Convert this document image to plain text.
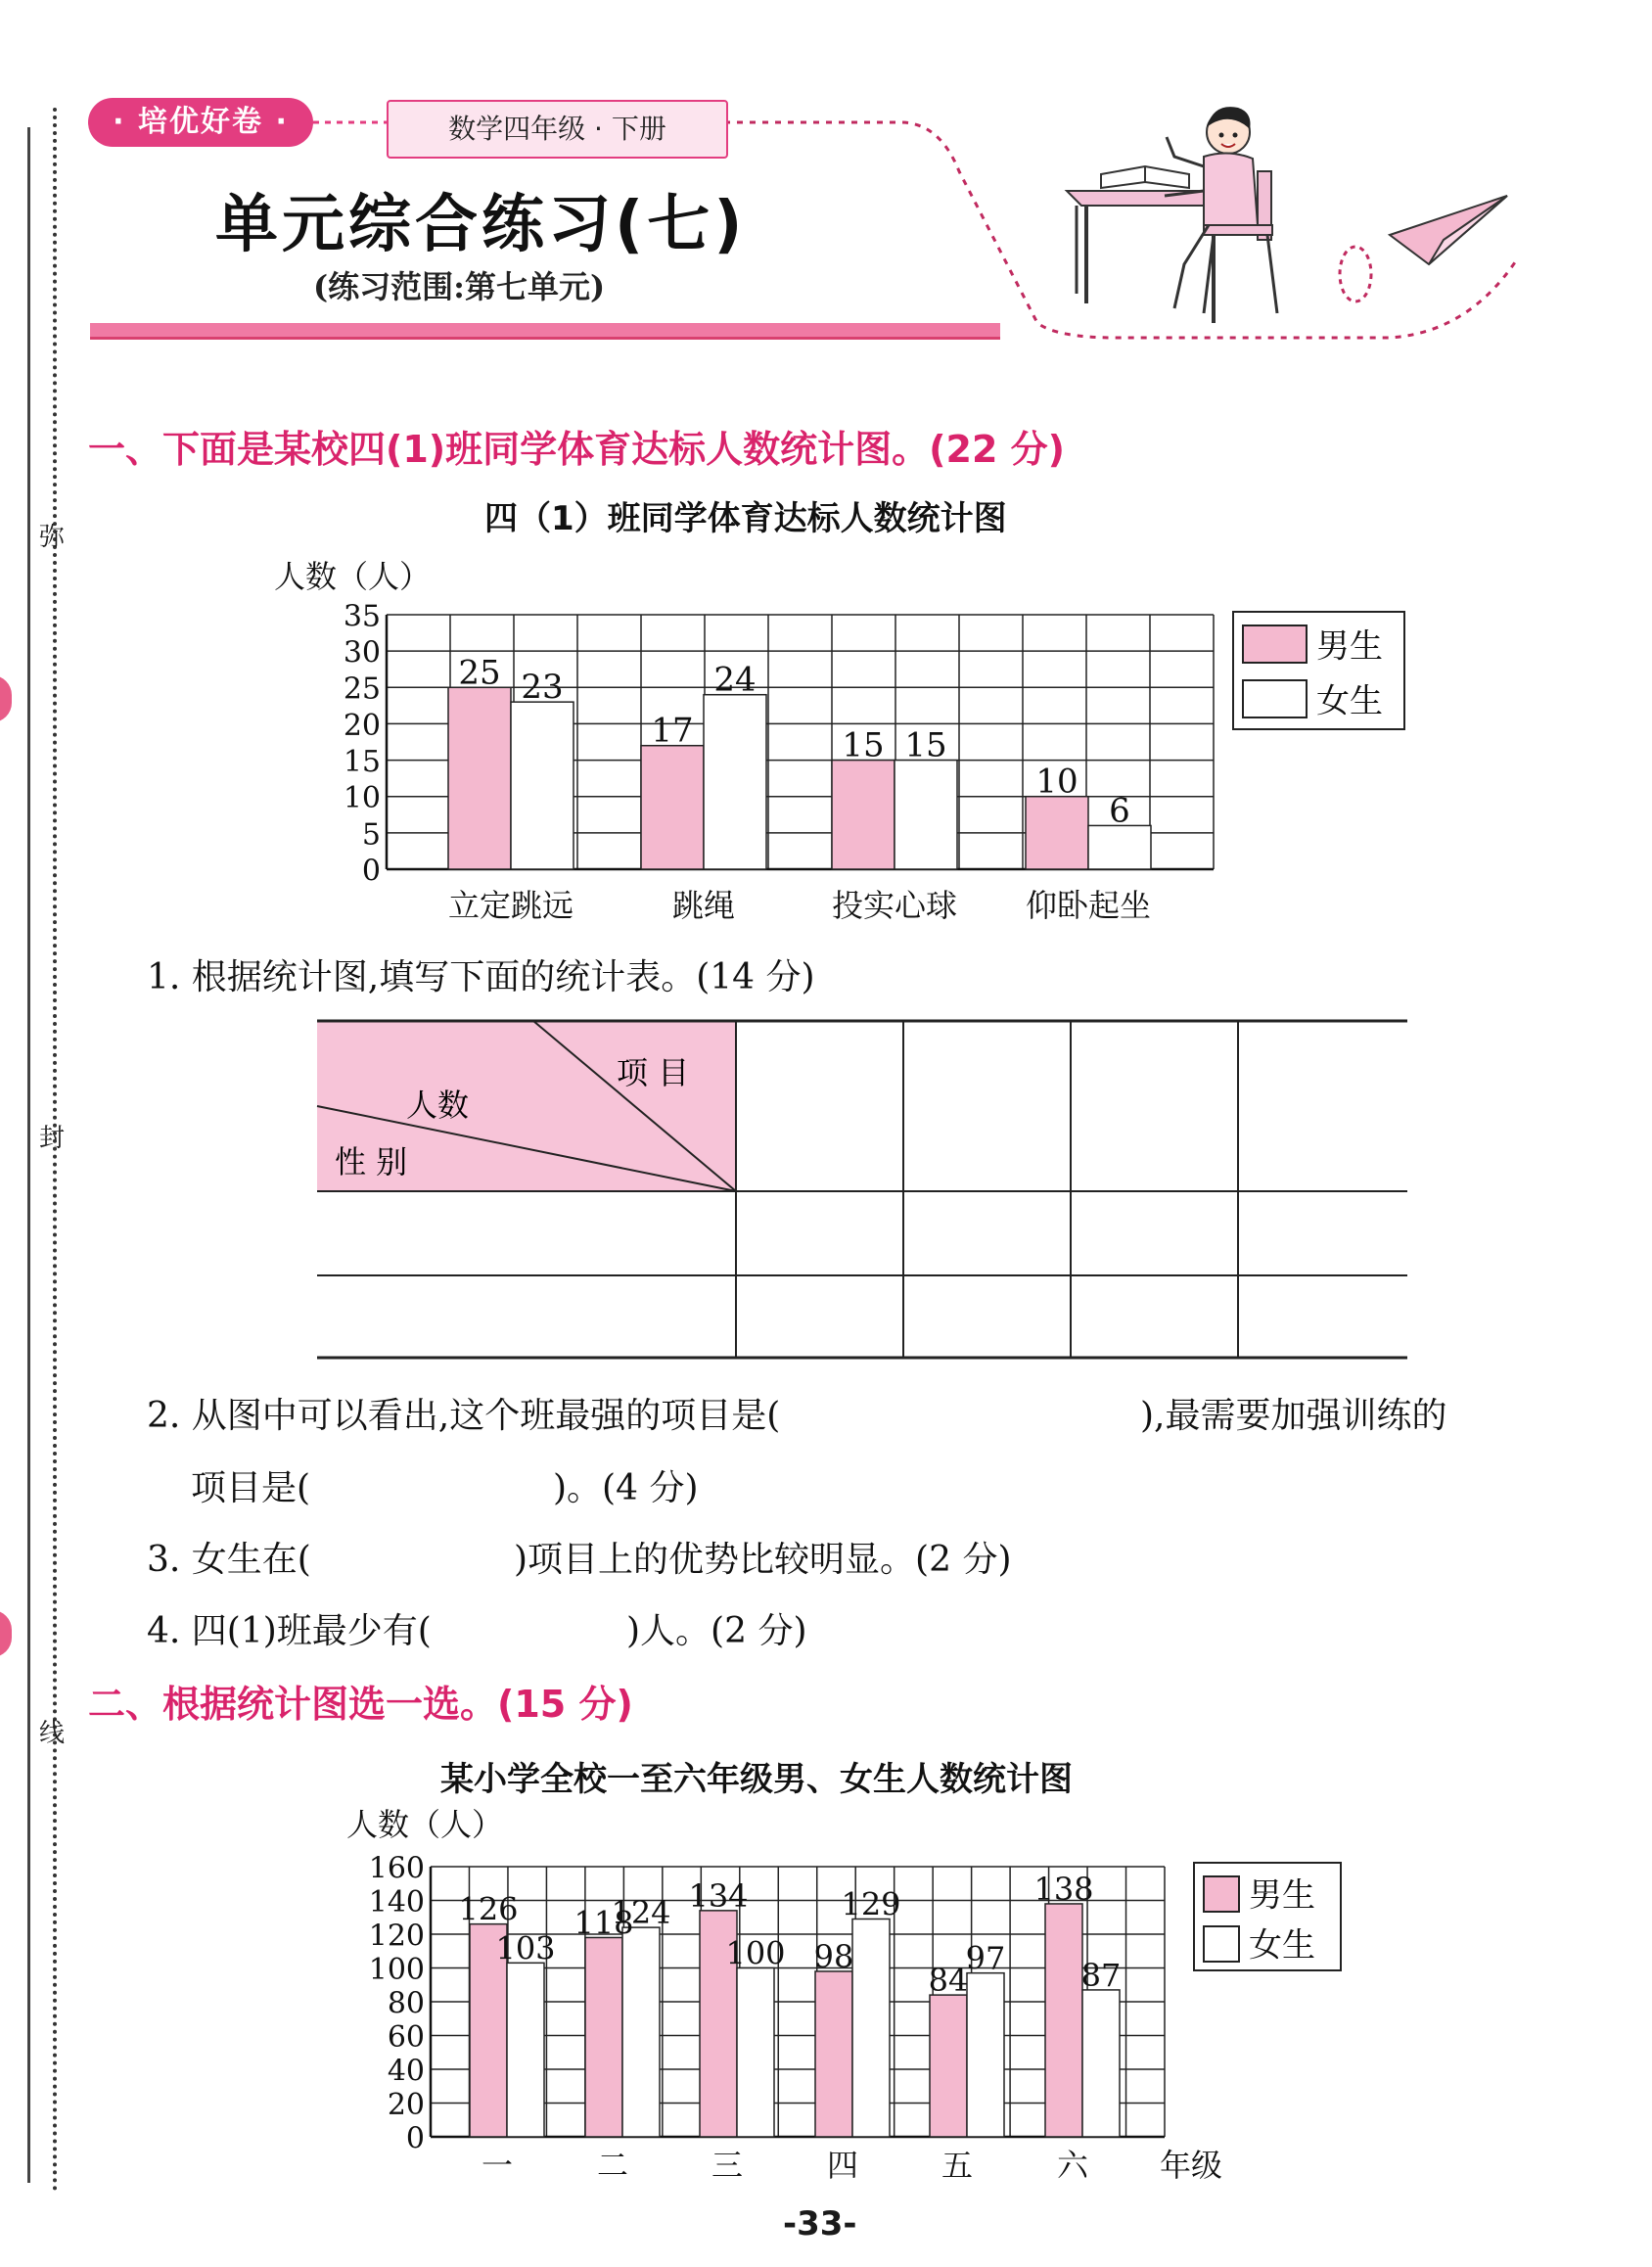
弥
封
线
· 培优好卷 ·	数学四年级 · 下册
单元综合练习(七)
(练习范围:第七单元)
一、下面是某校四(1)班同学体育达标人数统计图。(22 分)
四（1）班同学体育达标人数统计图
0
5
10
15
20
25
30
35
人数（人）
25 23
立定跳远
17
24
跳绳
15 15
投实心球
10
6
仰卧起坐
男生
女生
1. 根据统计图,填写下面的统计表。(14 分)
项 目
人数
性 别
2. 从图中可以看出,这个班最强的项目是(	),最需要加强训练的
项目是(	)。(4 分)
3. 女生在(	)项目上的优势比较明显。(2 分)
4. 四(1)班最少有(	)人。(2 分)
二、根据统计图选一选。(15 分)
某小学全校一至六年级男、女生人数统计图
0
20
40
60
80
100
120
140
160
人数（人）
126
103
一
118
124
二
134
100
三
98
129
四
84
97
五
138
87
六 年级
男生
女生
-33-
